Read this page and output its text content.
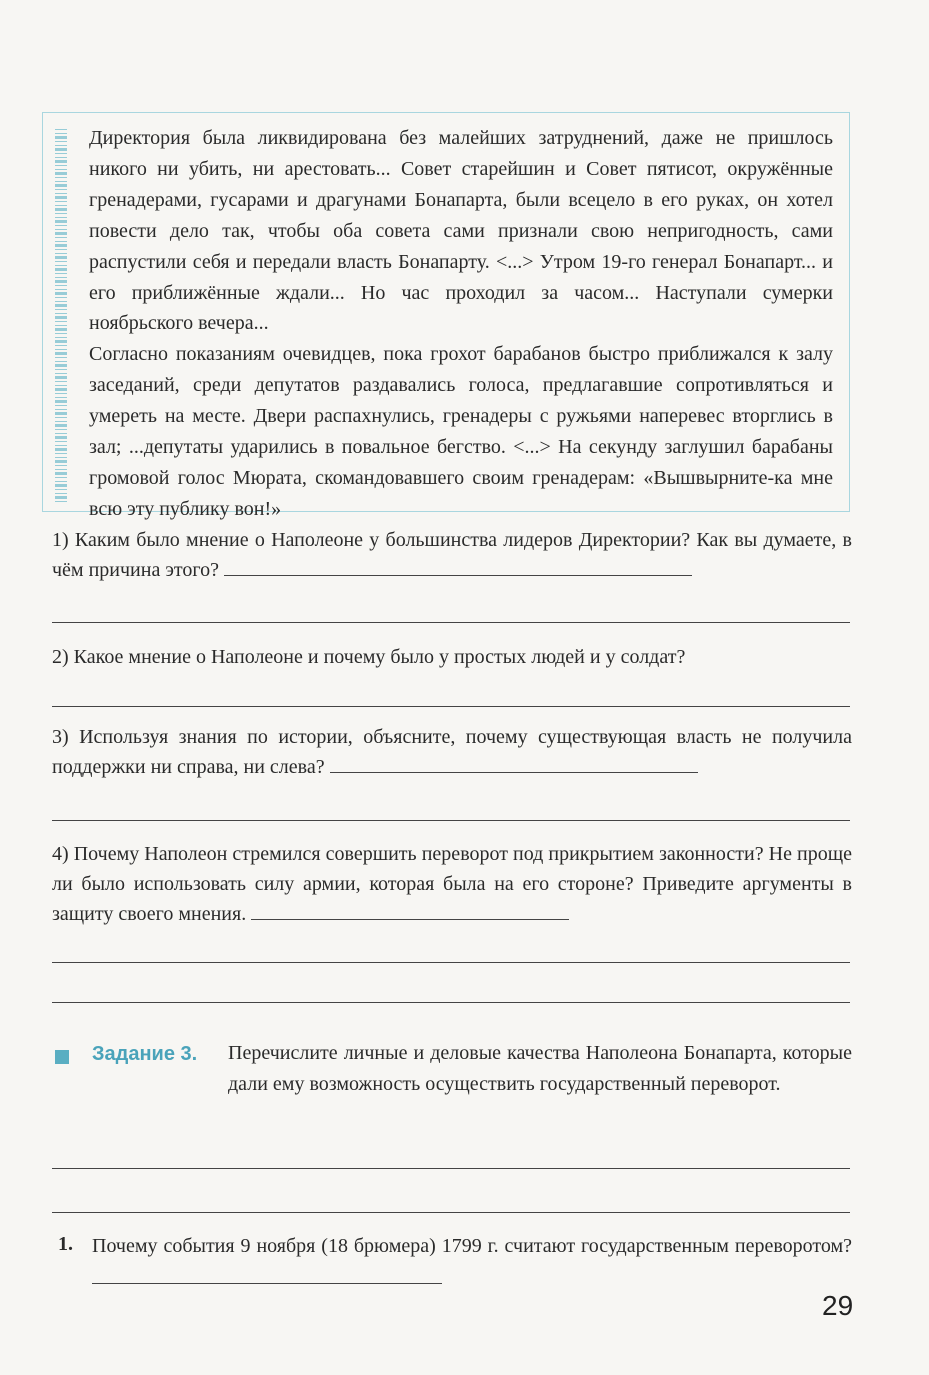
Директория была ликвидирована без малейших затруднений, даже не пришлось никого ни убить, ни арестовать... Совет старейшин и Совет пятисот, окружённые гренадерами, гусарами и драгунами Бонапарта, были всецело в его руках, он хотел повести дело так, чтобы оба совета сами признали свою непригодность, сами распустили себя и передали власть Бонапарту. <...> Утром 19-го генерал Бонапарт... и его приближённые ждали... Но час проходил за часом... Наступали сумерки ноябрьского вечера...

Согласно показаниям очевидцев, пока грохот барабанов быстро приближался к залу заседаний, среди депутатов раздавались голоса, предлагавшие сопротивляться и умереть на месте. Двери распахнулись, гренадеры с ружьями наперевес вторглись в зал; ...депутаты ударились в повальное бегство. <...> На секунду заглушил барабаны громовой голос Мюрата, скомандовавшего своим гренадерам: «Вышвырните-ка мне всю эту публику вон!»

1) Каким было мнение о Наполеоне у большинства лидеров Директории? Как вы думаете, в чём причина этого?

2) Какое мнение о Наполеоне и почему было у простых людей и у солдат?

3) Используя знания по истории, объясните, почему существующая власть не получила поддержки ни справа, ни слева?

4) Почему Наполеон стремился совершить переворот под прикрытием законности? Не проще ли было использовать силу армии, которая была на его стороне? Приведите аргументы в защиту своего мнения.

Задание 3. Перечислите личные и деловые качества Наполеона Бонапарта, которые дали ему возможность осуществить государственный переворот.

1. Почему события 9 ноября (18 брюмера) 1799 г. считают государственным переворотом?

29
